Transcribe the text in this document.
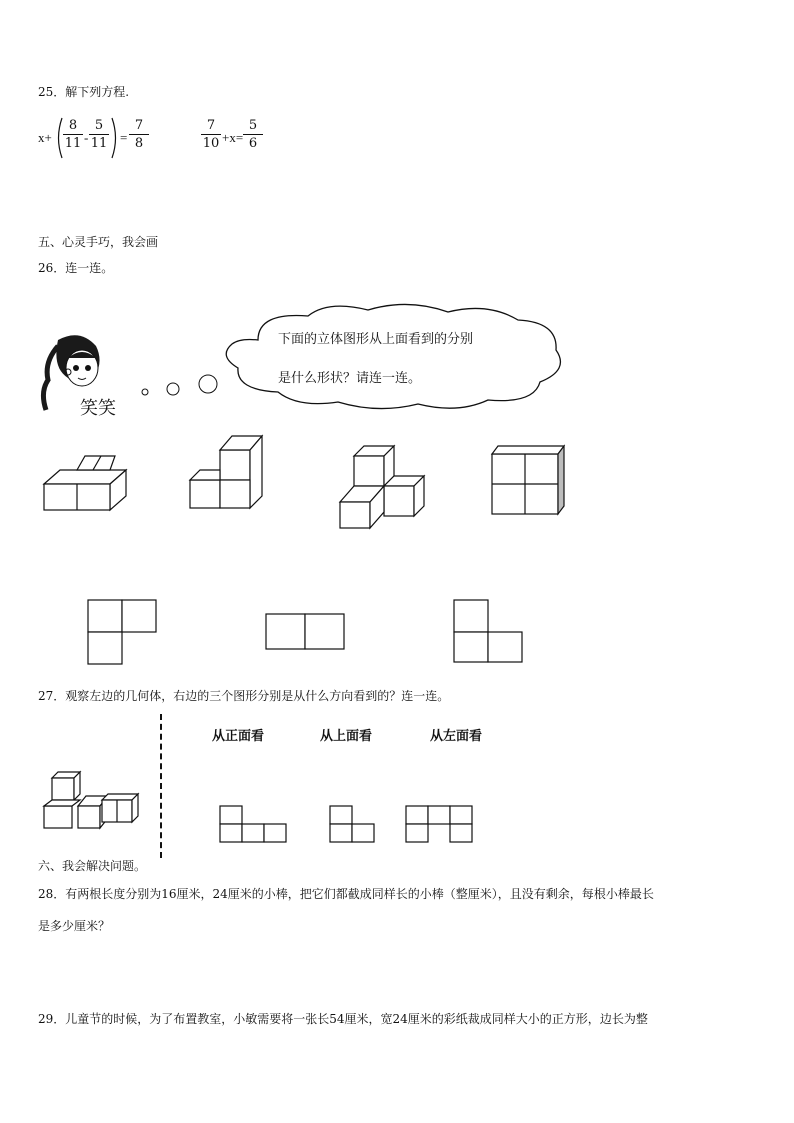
25．解下列方程.
x+
8
11 -
5
11 =
7
8
7
10 +x=
5
6
五、心灵手巧，我会画
26．连一连。
笑笑
下面的立体图形从上面看到的分别
是什么形状？请连一连。
27．观察左边的几何体，右边的三个图形分别是从什么方向看到的？连一连。
从正面看	从上面看	从左面看
六、我会解决问题。
28．有两根长度分别为16厘米，24厘米的小棒，把它们都截成同样长的小棒（整厘米），且没有剩余，每根小棒最长
是多少厘米？
29．儿童节的时候，为了布置教室，小敏需要将一张长54厘米，宽24厘米的彩纸裁成同样大小的正方形，边长为整
